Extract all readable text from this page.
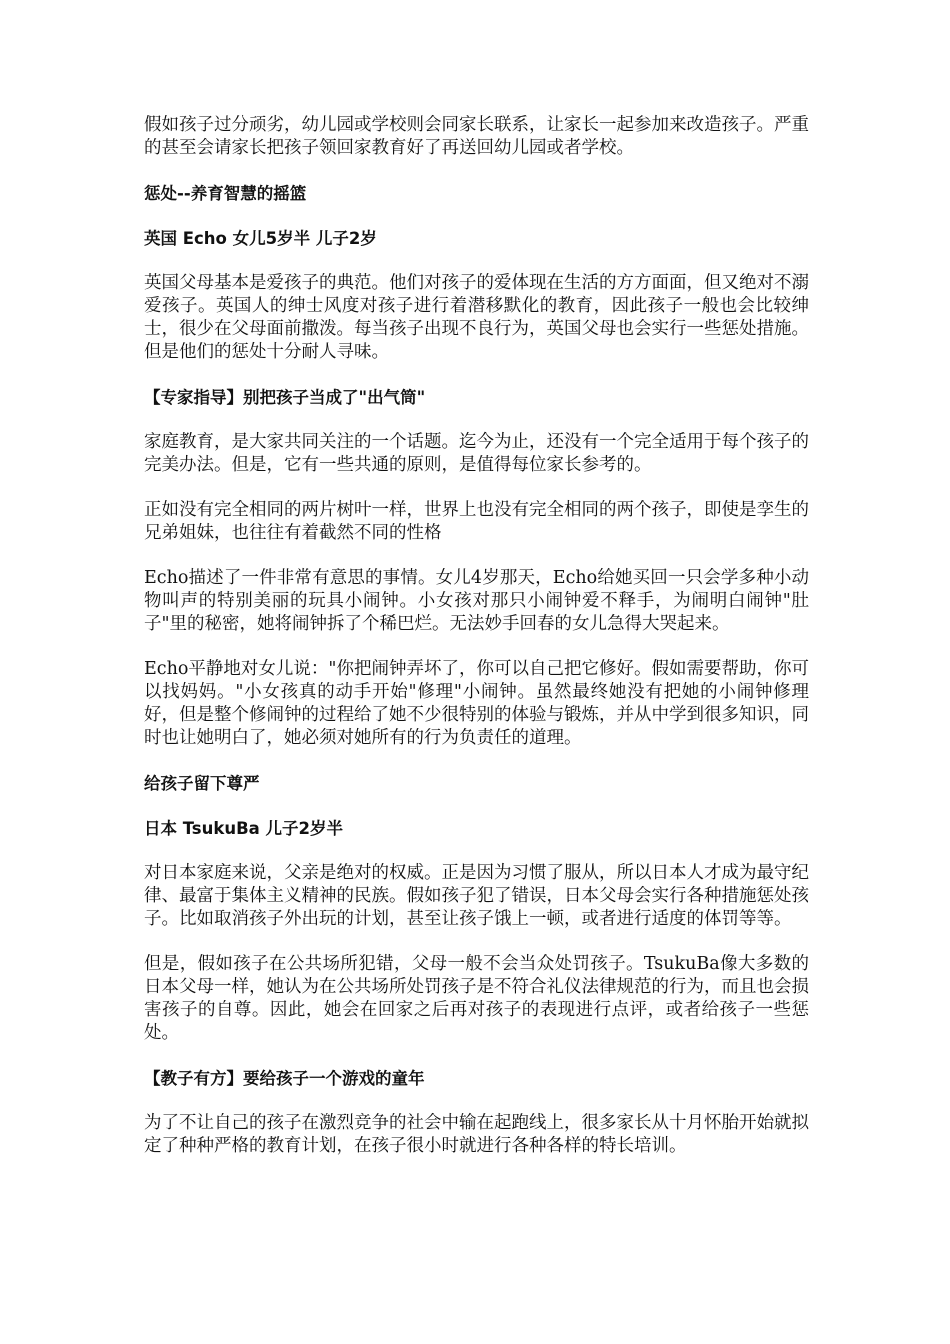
假如孩子过分顽劣，幼儿园或学校则会同家长联系，让家长一起参加来改造孩子。严重的甚至会请家长把孩子领回家教育好了再送回幼儿园或者学校。

惩处--养育智慧的摇篮
英国 Echo 女儿5岁半 儿子2岁

英国父母基本是爱孩子的典范。他们对孩子的爱体现在生活的方方面面，但又绝对不溺爱孩子。英国人的绅士风度对孩子进行着潜移默化的教育，因此孩子一般也会比较绅士，很少在父母面前撒泼。每当孩子出现不良行为，英国父母也会实行一些惩处措施。但是他们的惩处十分耐人寻味。

【专家指导】别把孩子当成了"出气筒"

家庭教育，是大家共同关注的一个话题。迄今为止，还没有一个完全适用于每个孩子的完美办法。但是，它有一些共通的原则，是值得每位家长参考的。

正如没有完全相同的两片树叶一样，世界上也没有完全相同的两个孩子，即使是孪生的兄弟姐妹，也往往有着截然不同的性格

Echo描述了一件非常有意思的事情。女儿4岁那天，Echo给她买回一只会学多种小动物叫声的特别美丽的玩具小闹钟。小女孩对那只小闹钟爱不释手，为闹明白闹钟"肚子"里的秘密，她将闹钟拆了个稀巴烂。无法妙手回春的女儿急得大哭起来。

Echo平静地对女儿说："你把闹钟弄坏了，你可以自己把它修好。假如需要帮助，你可以找妈妈。"小女孩真的动手开始"修理"小闹钟。虽然最终她没有把她的小闹钟修理好，但是整个修闹钟的过程给了她不少很特别的体验与锻炼，并从中学到很多知识，同时也让她明白了，她必须对她所有的行为负责任的道理。

给孩子留下尊严
日本 TsukuBa 儿子2岁半

对日本家庭来说，父亲是绝对的权威。正是因为习惯了服从，所以日本人才成为最守纪律、最富于集体主义精神的民族。假如孩子犯了错误，日本父母会实行各种措施惩处孩子。比如取消孩子外出玩的计划，甚至让孩子饿上一顿，或者进行适度的体罚等等。

但是，假如孩子在公共场所犯错，父母一般不会当众处罚孩子。TsukuBa像大多数的日本父母一样，她认为在公共场所处罚孩子是不符合礼仪法律规范的行为，而且也会损害孩子的自尊。因此，她会在回家之后再对孩子的表现进行点评，或者给孩子一些惩处。

【教子有方】要给孩子一个游戏的童年

为了不让自己的孩子在激烈竞争的社会中输在起跑线上，很多家长从十月怀胎开始就拟定了种种严格的教育计划，在孩子很小时就进行各种各样的特长培训。
